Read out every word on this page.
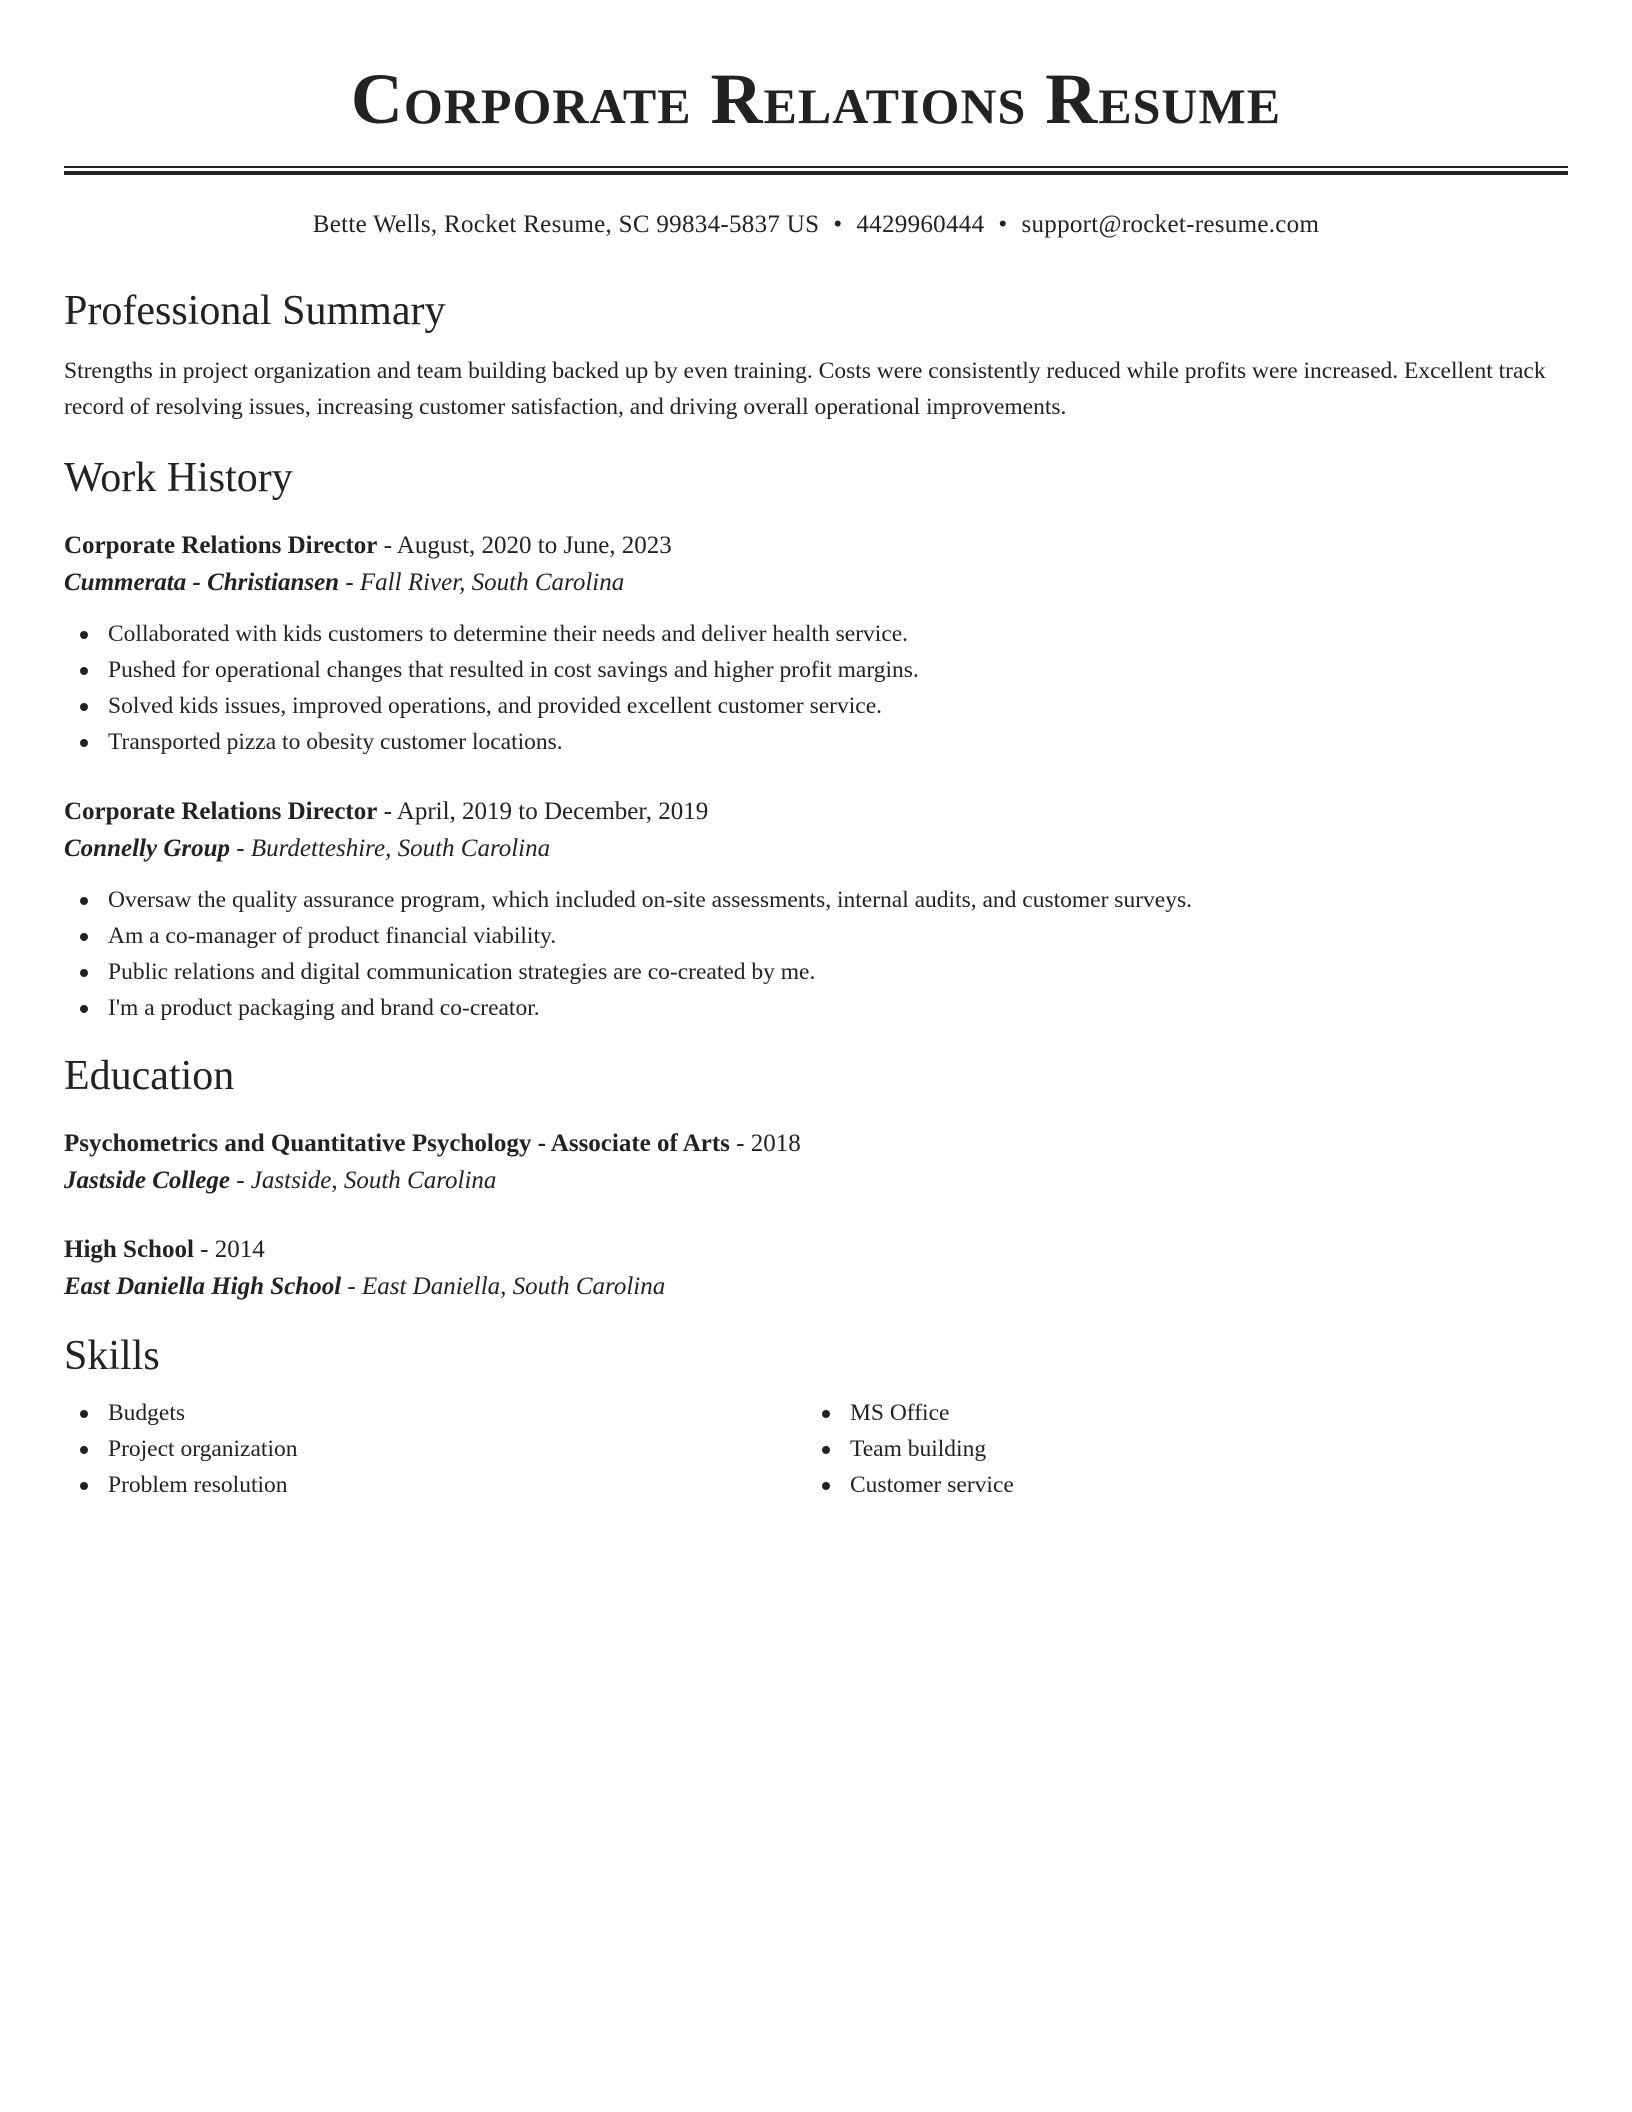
Corporate Relations Resume
Bette Wells, Rocket Resume, SC 99834-5837 US • 4429960444 • support@rocket-resume.com
Professional Summary

Strengths in project organization and team building backed up by even training. Costs were consistently reduced while profits were increased. Excellent track record of resolving issues, increasing customer satisfaction, and driving overall operational improvements.

Work History
Corporate Relations Director - August, 2020 to June, 2023
Cummerata - Christiansen - Fall River, South Carolina
Collaborated with kids customers to determine their needs and deliver health service.
Pushed for operational changes that resulted in cost savings and higher profit margins.
Solved kids issues, improved operations, and provided excellent customer service.
Transported pizza to obesity customer locations.
Corporate Relations Director - April, 2019 to December, 2019
Connelly Group - Burdetteshire, South Carolina
Oversaw the quality assurance program, which included on-site assessments, internal audits, and customer surveys.
Am a co-manager of product financial viability.
Public relations and digital communication strategies are co-created by me.
I'm a product packaging and brand co-creator.
Education
Psychometrics and Quantitative Psychology - Associate of Arts - 2018
Jastside College - Jastside, South Carolina
High School - 2014
East Daniella High School - East Daniella, South Carolina
Skills
Budgets
Project organization
Problem resolution
MS Office
Team building
Customer service
